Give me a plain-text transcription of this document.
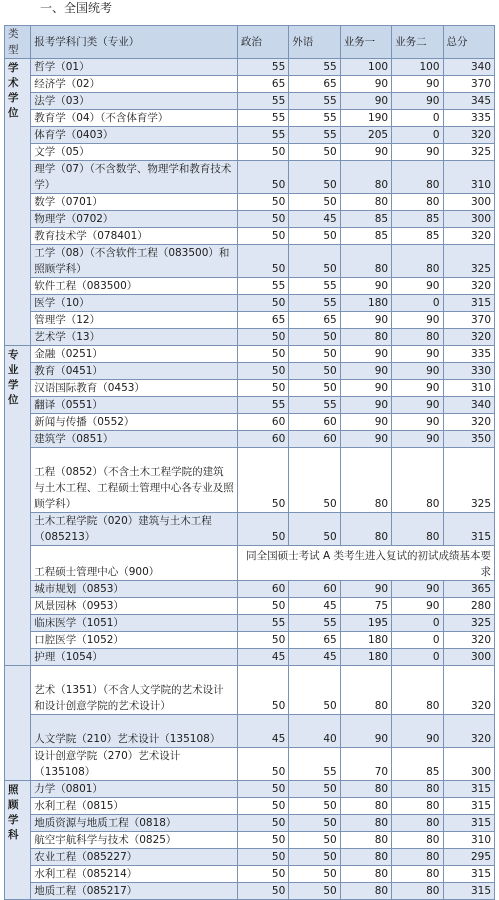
一、全国统考
类型	报考学科门类（专业）	政治	外语	业务一	业务二	总分
学术学位	哲学（01）	55	55	100	100	340
	经济学（02）	65	65	90	90	370
	法学（03）	55	55	90	90	345
	教育学（04）（不含体育学）	55	55	190	0	335
	体育学（0403）	55	55	205	0	320
	文学（05）	50	50	90	90	325
	理学（07）（不含数学、物理学和教育技术学）	50	50	80	80	310
	数学（0701）	50	50	80	80	300
	物理学（0702）	50	45	85	85	300
	教育技术学（078401）	50	50	85	85	320
	工学（08）（不含软件工程（083500）和照顾学科）	50	50	80	80	325
	软件工程（083500）	55	55	90	90	320
	医学（10）	50	55	180	0	315
	管理学（12）	65	65	90	90	370
	艺术学（13）	50	50	80	80	320
专业学位	金融（0251）	50	50	90	90	335
	教育（0451）	50	50	90	90	330
	汉语国际教育（0453）	50	50	90	90	310
	翻译（0551）	55	55	90	90	340
	新闻与传播（0552）	60	60	90	90	320
	建筑学（0851）	60	60	90	90	350
	工程（0852）（不含土木工程学院的建筑与土木工程、工程硕士管理中心各专业及照顾学科）	50	50	80	80	325
	土木工程学院（020）建筑与土木工程（085213）	50	50	80	80	315
	工程硕士管理中心（900）	同全国硕士考试 A 类考生进入复试的初试成绩基本要求				
	城市规划（0853）	60	60	90	90	365
	风景园林（0953）	50	45	75	90	280
	临床医学（1051）	55	55	195	0	325
	口腔医学（1052）	50	65	180	0	320
	护理（1054）	45	45	180	0	300
	艺术（1351）（不含人文学院的艺术设计和设计创意学院的艺术设计）	50	50	80	80	320
	人文学院（210）艺术设计（135108）	45	40	90	90	320
	设计创意学院（270）艺术设计（135108）	50	55	70	85	300
照顾学科	力学（0801）	50	50	80	80	315
	水利工程（0815）	50	50	80	80	315
	地质资源与地质工程（0818）	50	50	80	80	315
	航空宇航科学与技术（0825）	50	50	80	80	310
	农业工程（085227）	50	50	80	80	295
	水利工程（085214）	50	50	80	80	315
	地质工程（085217）	50	50	80	80	315
